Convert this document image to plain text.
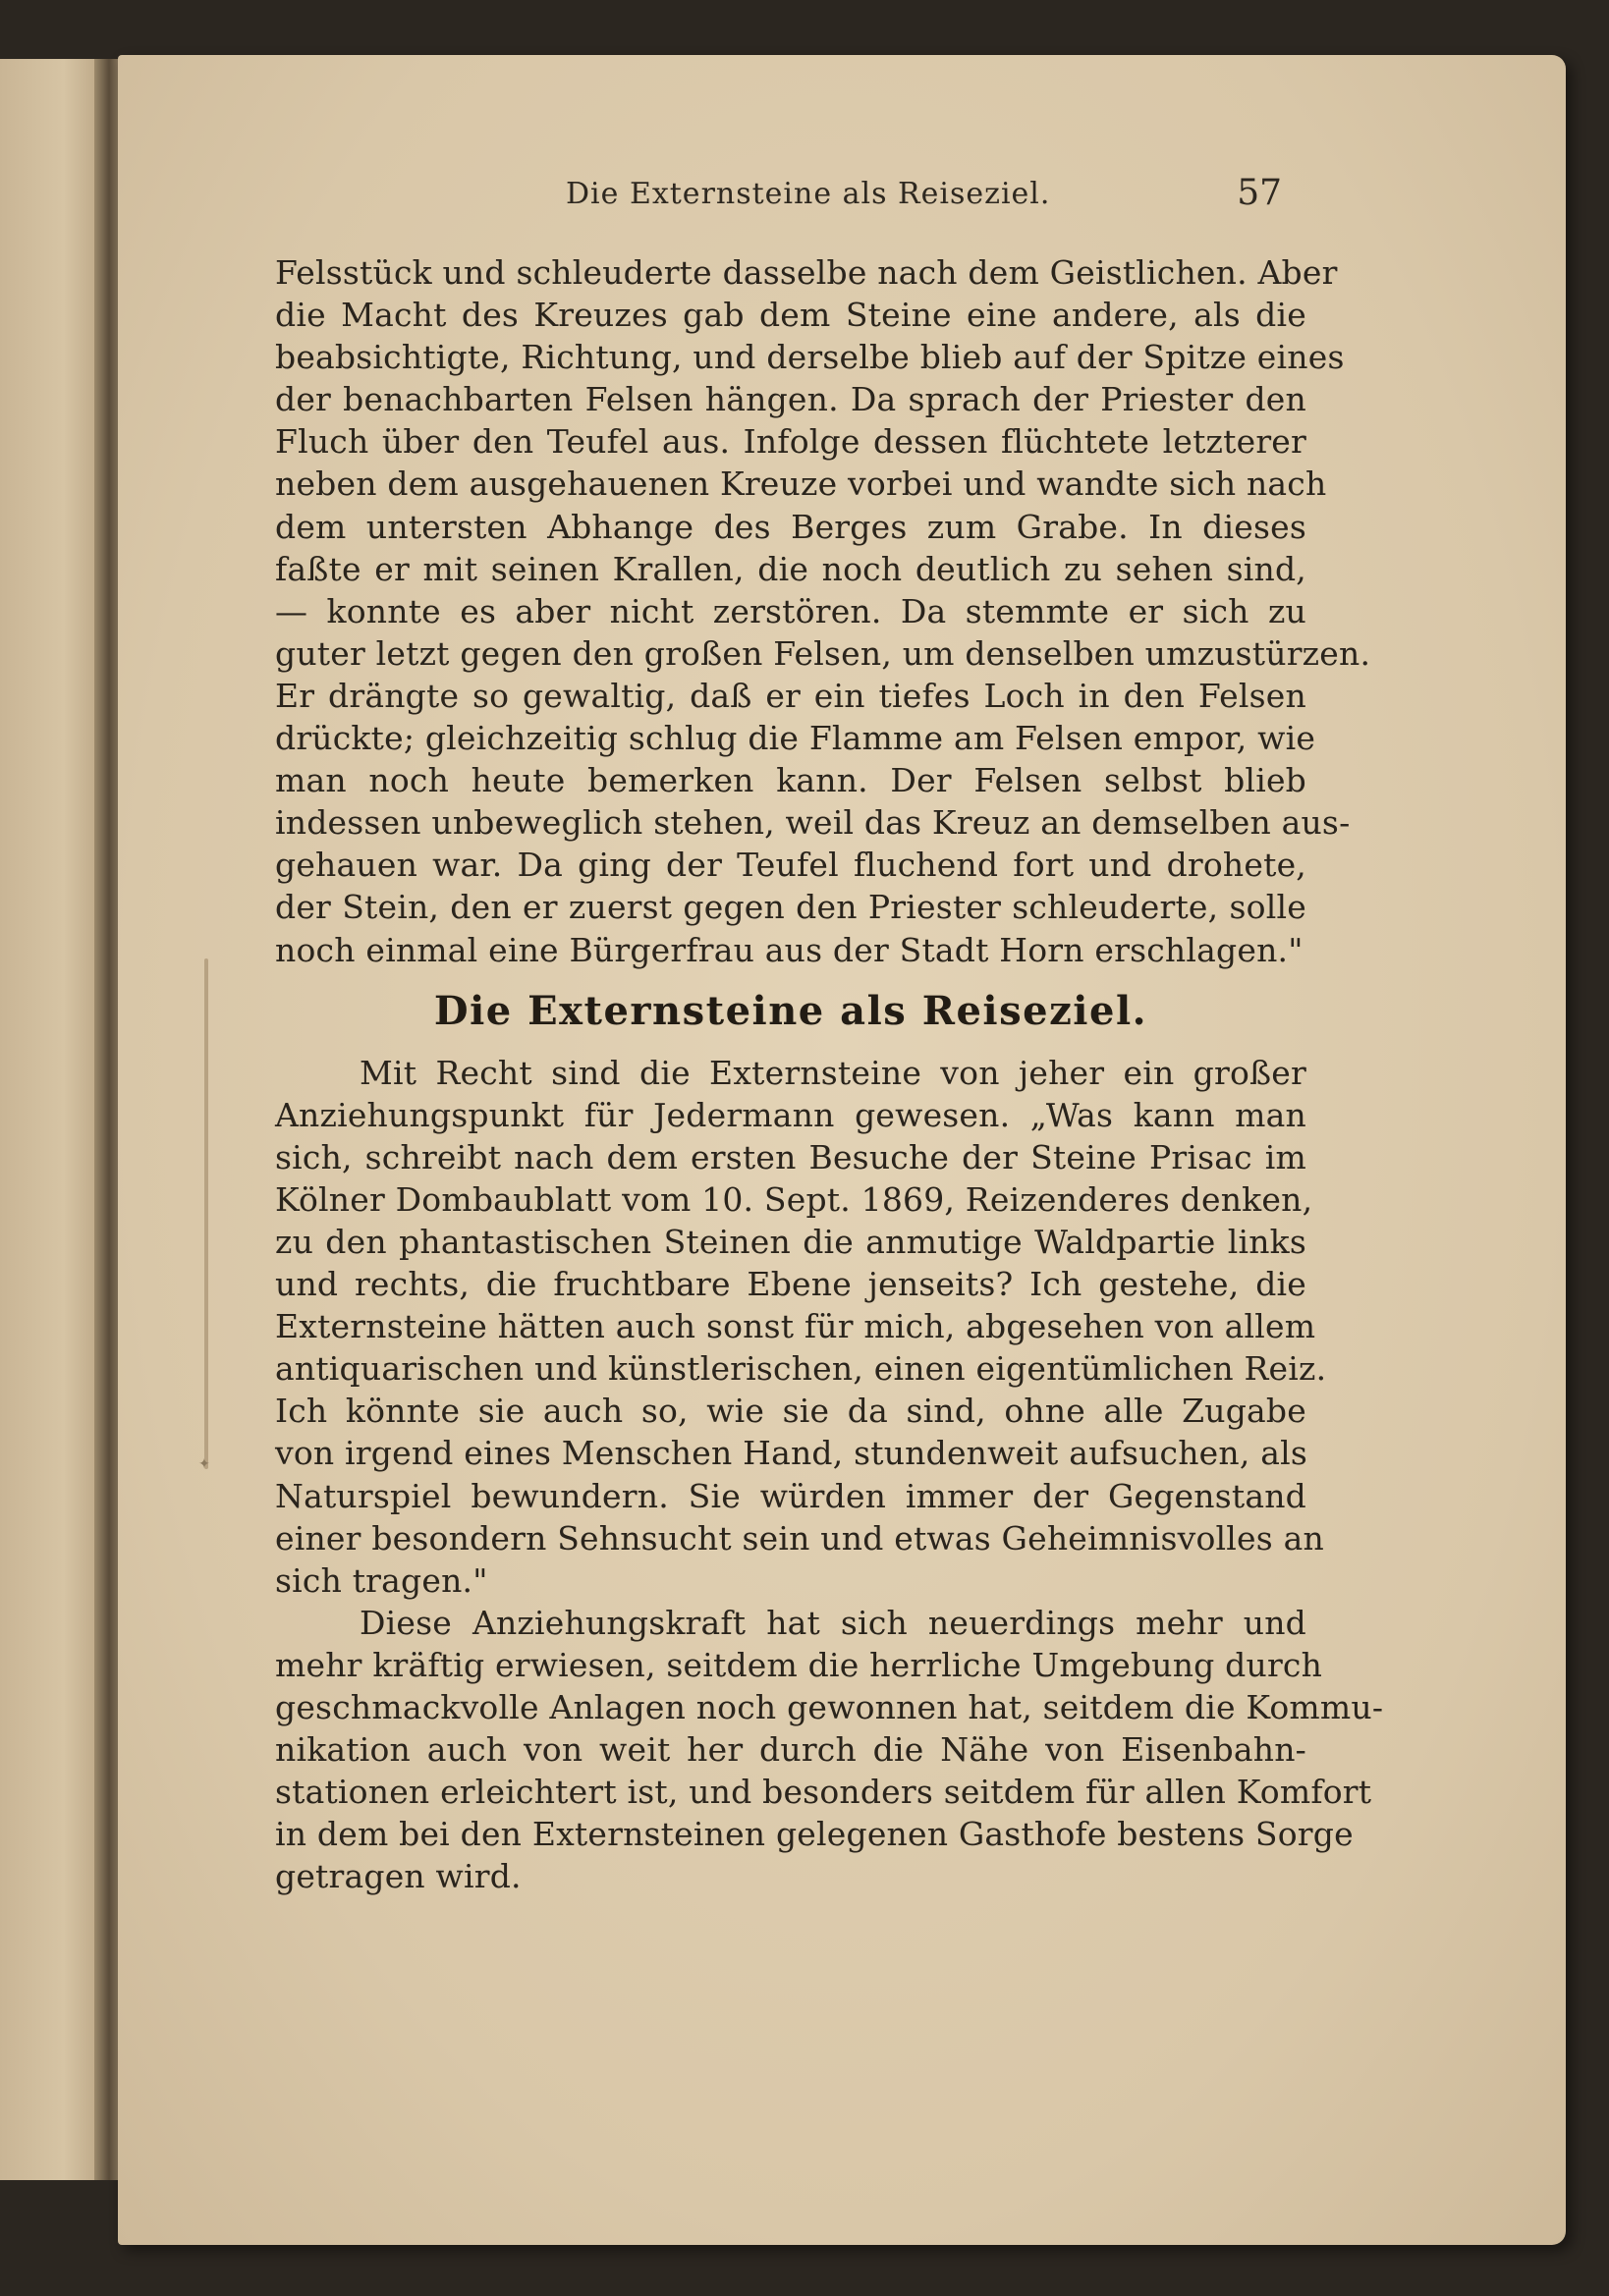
✦
Die Externsteine als Reiseziel.	57
Felsstück und schleuderte dasselbe nach dem Geistlichen. Aber
die Macht des Kreuzes gab dem Steine eine andere, als die
beabsichtigte, Richtung, und derselbe blieb auf der Spitze eines
der benachbarten Felsen hängen. Da sprach der Priester den
Fluch über den Teufel aus. Infolge dessen flüchtete letzterer
neben dem ausgehauenen Kreuze vorbei und wandte sich nach
dem untersten Abhange des Berges zum Grabe. In dieses
faßte er mit seinen Krallen, die noch deutlich zu sehen sind,
— konnte es aber nicht zerstören. Da stemmte er sich zu
guter letzt gegen den großen Felsen, um denselben umzustürzen.
Er drängte so gewaltig, daß er ein tiefes Loch in den Felsen
drückte; gleichzeitig schlug die Flamme am Felsen empor, wie
man noch heute bemerken kann. Der Felsen selbst blieb
indessen unbeweglich stehen, weil das Kreuz an demselben aus-
gehauen war. Da ging der Teufel fluchend fort und drohete,
der Stein, den er zuerst gegen den Priester schleuderte, solle
noch einmal eine Bürgerfrau aus der Stadt Horn erschlagen."
Die Externsteine als Reiseziel.
Mit Recht sind die Externsteine von jeher ein großer
Anziehungspunkt für Jedermann gewesen. „Was kann man
sich, schreibt nach dem ersten Besuche der Steine Prisac im
Kölner Dombaublatt vom 10. Sept. 1869, Reizenderes denken,
zu den phantastischen Steinen die anmutige Waldpartie links
und rechts, die fruchtbare Ebene jenseits? Ich gestehe, die
Externsteine hätten auch sonst für mich, abgesehen von allem
antiquarischen und künstlerischen, einen eigentümlichen Reiz.
Ich könnte sie auch so, wie sie da sind, ohne alle Zugabe
von irgend eines Menschen Hand, stundenweit aufsuchen, als
Naturspiel bewundern. Sie würden immer der Gegenstand
einer besondern Sehnsucht sein und etwas Geheimnisvolles an
sich tragen."
Diese Anziehungskraft hat sich neuerdings mehr und
mehr kräftig erwiesen, seitdem die herrliche Umgebung durch
geschmackvolle Anlagen noch gewonnen hat, seitdem die Kommu-
nikation auch von weit her durch die Nähe von Eisenbahn-
stationen erleichtert ist, und besonders seitdem für allen Komfort
in dem bei den Externsteinen gelegenen Gasthofe bestens Sorge
getragen wird.
